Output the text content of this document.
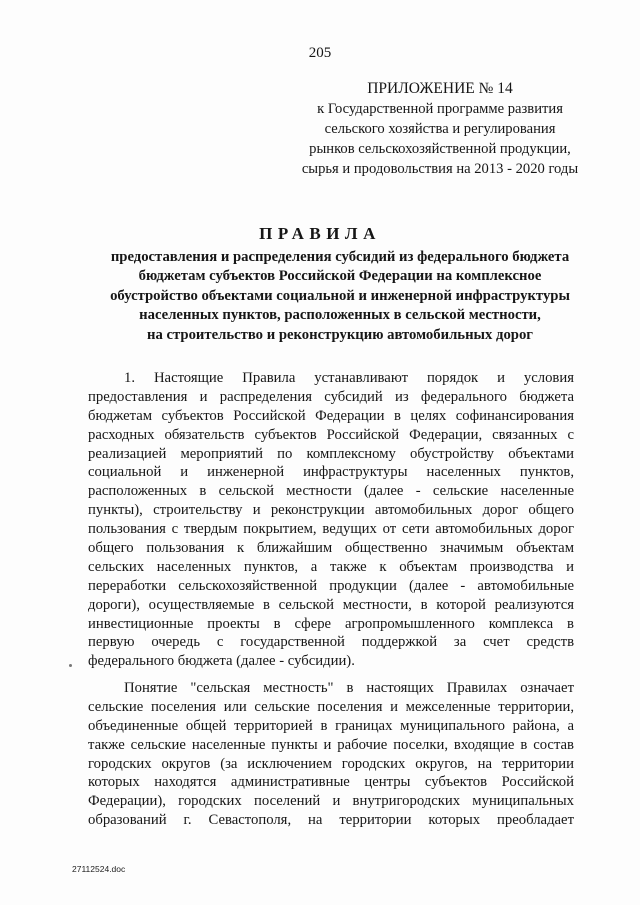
205
ПРИЛОЖЕНИЕ № 14
к Государственной программе развития
сельского хозяйства и регулирования
рынков сельскохозяйственной продукции,
сырья и продовольствия на 2013 - 2020 годы
ПРАВИЛА
предоставления и распределения субсидий из федерального бюджета
бюджетам субъектов Российской Федерации на комплексное
обустройство объектами социальной и инженерной инфраструктуры
населенных пунктов, расположенных в сельской местности,
на строительство и реконструкцию автомобильных дорог
1. Настоящие Правила устанавливают порядок и условия
предоставления и распределения субсидий из федерального бюджета
бюджетам субъектов Российской Федерации в целях софинансирования
расходных обязательств субъектов Российской Федерации, связанных с
реализацией мероприятий по комплексному обустройству объектами
социальной и инженерной инфраструктуры населенных пунктов,
расположенных в сельской местности (далее - сельские населенные
пункты), строительству и реконструкции автомобильных дорог общего
пользования с твердым покрытием, ведущих от сети автомобильных дорог
общего пользования к ближайшим общественно значимым объектам
сельских населенных пунктов, а также к объектам производства и
переработки сельскохозяйственной продукции (далее - автомобильные
дороги), осуществляемые в сельской местности, в которой реализуются
инвестиционные проекты в сфере агропромышленного комплекса в
первую очередь с государственной поддержкой за счет средств
федерального бюджета (далее - субсидии).
Понятие "сельская местность" в настоящих Правилах означает
сельские поселения или сельские поселения и межселенные территории,
объединенные общей территорией в границах муниципального района, а
также сельские населенные пункты и рабочие поселки, входящие в состав
городских округов (за исключением городских округов, на территории
которых находятся административные центры субъектов Российской
Федерации), городских поселений и внутригородских муниципальных
образований г. Севастополя, на территории которых преобладает
27112524.doc
